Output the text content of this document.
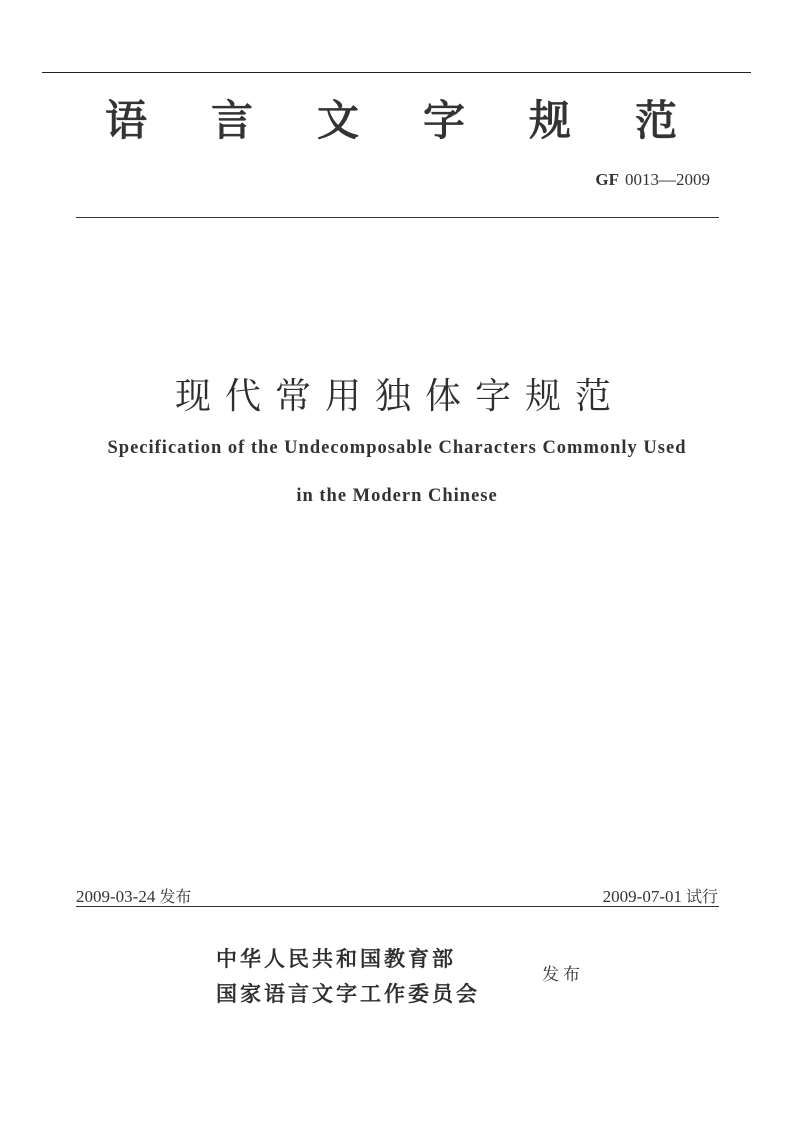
语 言 文 字 规 范
GF 0013—2009
现代常用独体字规范
Specification of the Undecomposable Characters Commonly Used
in the Modern Chinese
2009-03-24 发布	2009-07-01 试行
中华人民共和国教育部
国家语言文字工作委员会
发布
